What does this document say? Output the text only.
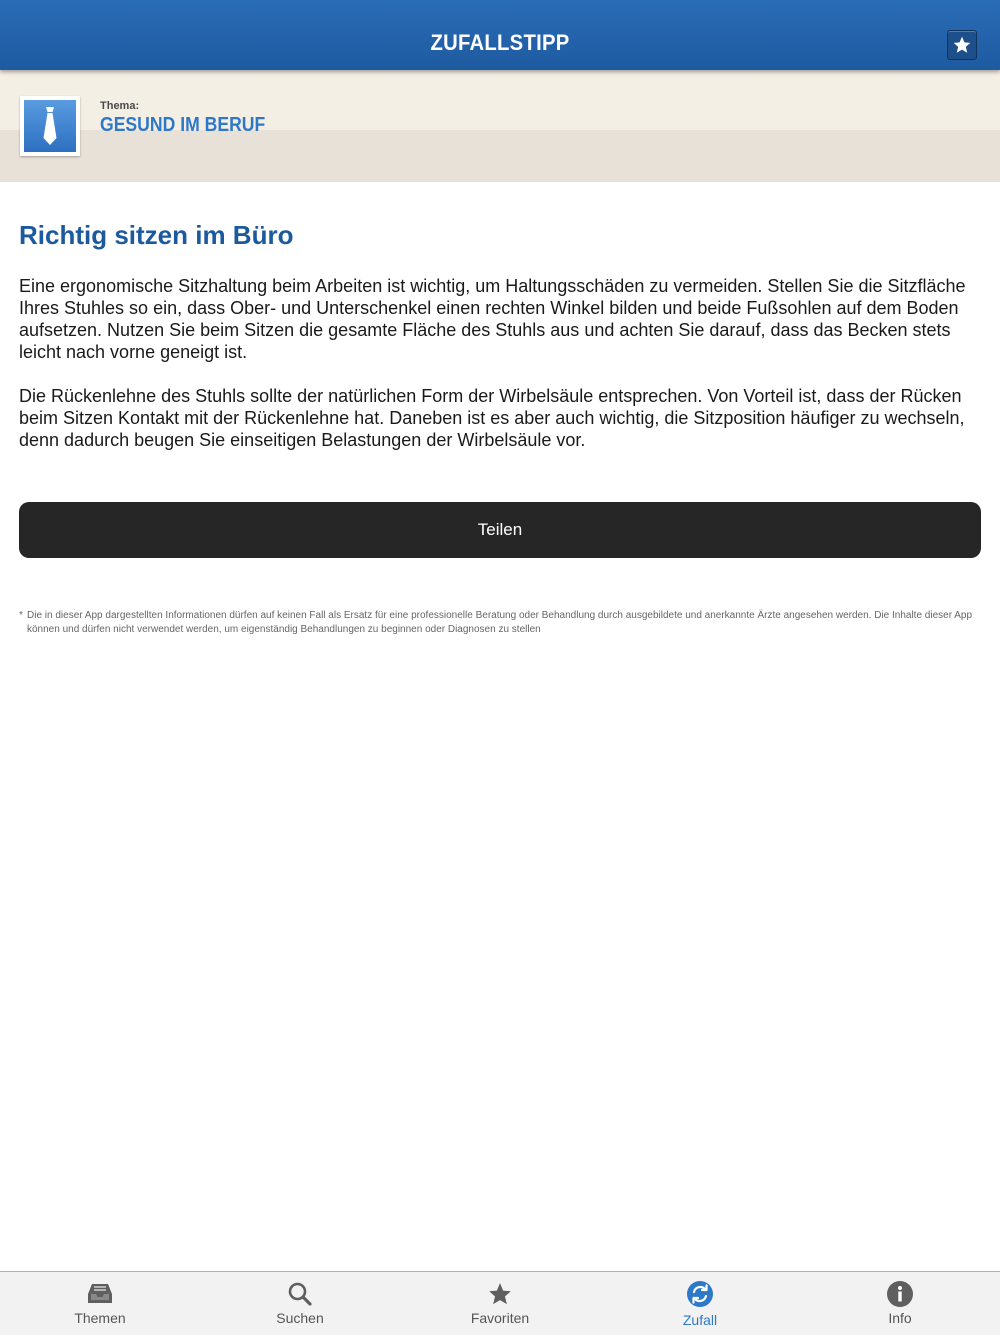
ZUFALLSTIPP
Thema:
GESUND IM BERUF
Richtig sitzen im Büro

Eine ergonomische Sitzhaltung beim Arbeiten ist wichtig, um Haltungsschäden zu vermeiden. Stellen Sie die Sitzfläche Ihres Stuhles so ein, dass Ober- und Unterschenkel einen rechten Winkel bilden und beide Fußsohlen auf dem Boden aufsetzen. Nutzen Sie beim Sitzen die gesamte Fläche des Stuhls aus und achten Sie darauf, dass das Becken stets leicht nach vorne geneigt ist.

Die Rückenlehne des Stuhls sollte der natürlichen Form der Wirbelsäule entsprechen. Von Vorteil ist, dass der Rücken beim Sitzen Kontakt mit der Rückenlehne hat. Daneben ist es aber auch wichtig, die Sitzposition häufiger zu wechseln, denn dadurch beugen Sie einseitigen Belastungen der Wirbelsäule vor.

Teilen
* Die in dieser App dargestellten Informationen dürfen auf keinen Fall als Ersatz für eine professionelle Beratung oder Behandlung durch ausgebildete und anerkannte Ärzte angesehen werden. Die Inhalte dieser App können und dürfen nicht verwendet werden, um eigenständig Behandlungen zu beginnen oder Diagnosen zu stellen
Themen	Suchen	Favoriten	Zufall	Info
